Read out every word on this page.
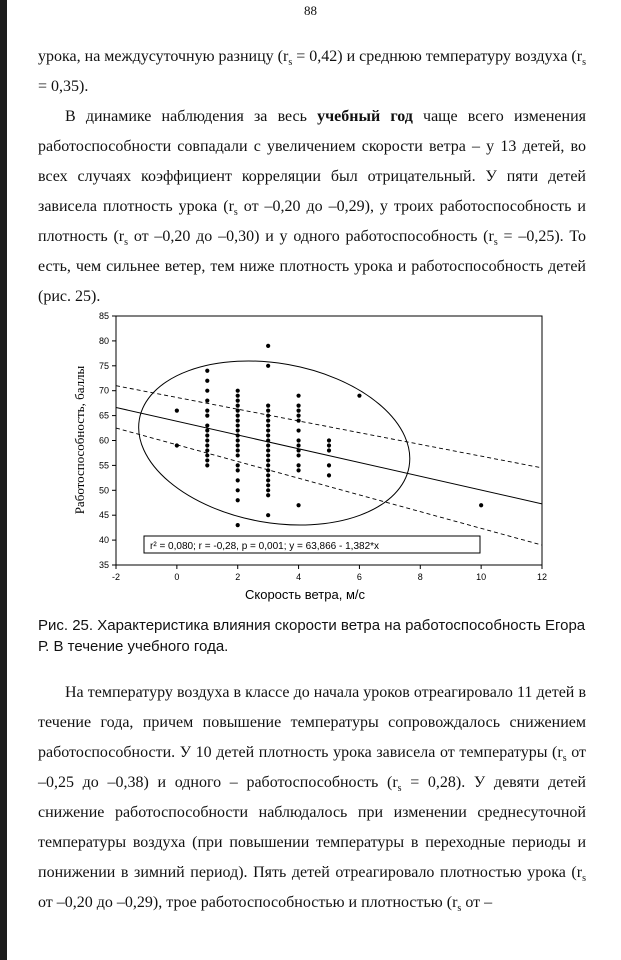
88

урока, на междусуточную разницу $(r_s = 0,42)$ и среднюю температуру воздуха $(r_s = 0,35)$.

В динамике наблюдения за весь учебный год чаще всего изменения работоспособности совпадали с увеличением скорости ветра – у 13 детей, во всех случаях коэффициент корреляции был отрицательный. У пяти детей зависела плотность урока ($r_s$ от –0,20 до –0,29), у троих работоспособность и плотность ($r_s$ от –0,20 до –0,30) и у одного работоспособность $(r_s = -0,25)$. То есть, чем сильнее ветер, тем ниже плотность урока и работоспособность детей (рис. 25).

-2	0	2	4	6	8	10	12
35
40
45
50
55
60
65
70
75
80
85
r² = 0,080; r = -0,28, p = 0,001; y = 63,866 - 1,382*x
Скорость ветра, м/с
Работоспособность, баллы

Рис. 25. Характеристика влияния скорости ветра на работоспособность Егора Р. В течение учебного года.

На температуру воздуха в классе до начала уроков отреагировало 11 детей в течение года, причем повышение температуры сопровождалось снижением работоспособности. У 10 детей плотность урока зависела от температуры ($r_s$ от –0,25 до –0,38) и одного – работоспособность $(r_s = 0,28)$. У девяти детей снижение работоспособности наблюдалось при изменении среднесуточной температуры воздуха (при повышении температуры в переходные периоды и понижении в зимний период). Пять детей отреагировало плотностью урока ($r_s$ от –0,20 до –0,29), трое работоспособностью и плотностью ($r_s$ от –
